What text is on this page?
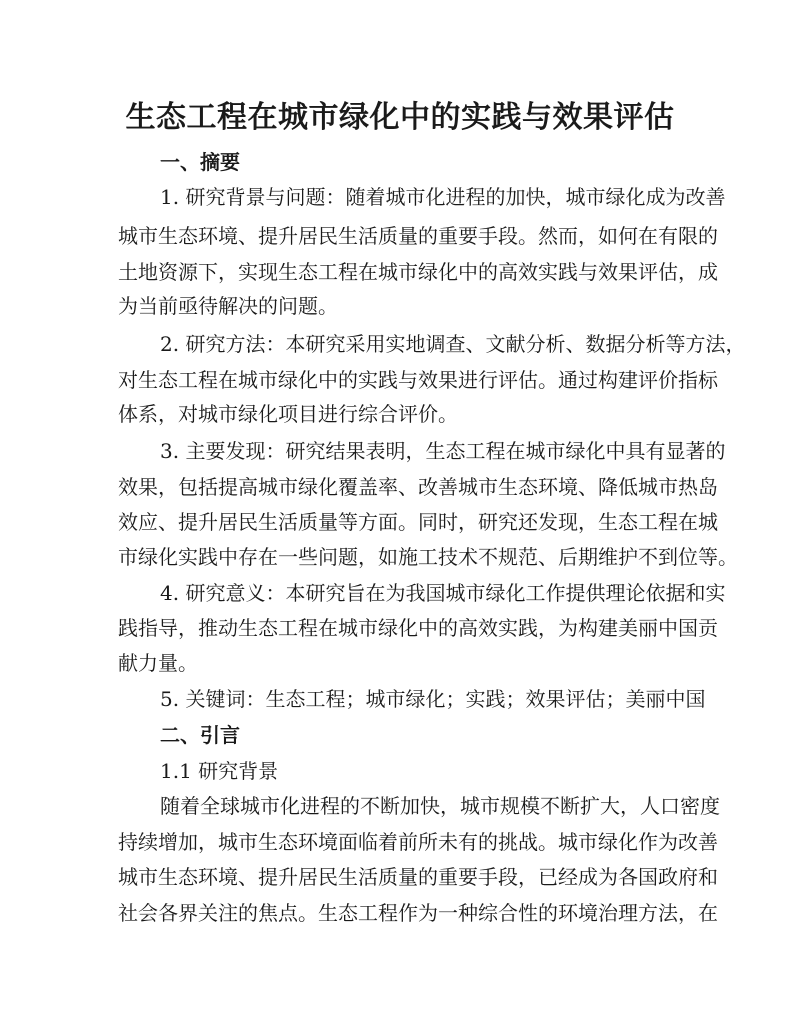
生态工程在城市绿化中的实践与效果评估

一、摘要

1. 研究背景与问题：随着城市化进程的加快，城市绿化成为改善

城市生态环境、提升居民生活质量的重要手段。然而，如何在有限的

土地资源下，实现生态工程在城市绿化中的高效实践与效果评估，成

为当前亟待解决的问题。

2. 研究方法：本研究采用实地调查、文献分析、数据分析等方法，

对生态工程在城市绿化中的实践与效果进行评估。通过构建评价指标

体系，对城市绿化项目进行综合评价。

3. 主要发现：研究结果表明，生态工程在城市绿化中具有显著的

效果，包括提高城市绿化覆盖率、改善城市生态环境、降低城市热岛

效应、提升居民生活质量等方面。同时，研究还发现，生态工程在城

市绿化实践中存在一些问题，如施工技术不规范、后期维护不到位等。

4. 研究意义：本研究旨在为我国城市绿化工作提供理论依据和实

践指导，推动生态工程在城市绿化中的高效实践，为构建美丽中国贡

献力量。

5. 关键词：生态工程；城市绿化；实践；效果评估；美丽中国

二、引言

1.1 研究背景

随着全球城市化进程的不断加快，城市规模不断扩大，人口密度

持续增加，城市生态环境面临着前所未有的挑战。城市绿化作为改善

城市生态环境、提升居民生活质量的重要手段，已经成为各国政府和

社会各界关注的焦点。生态工程作为一种综合性的环境治理方法，在
